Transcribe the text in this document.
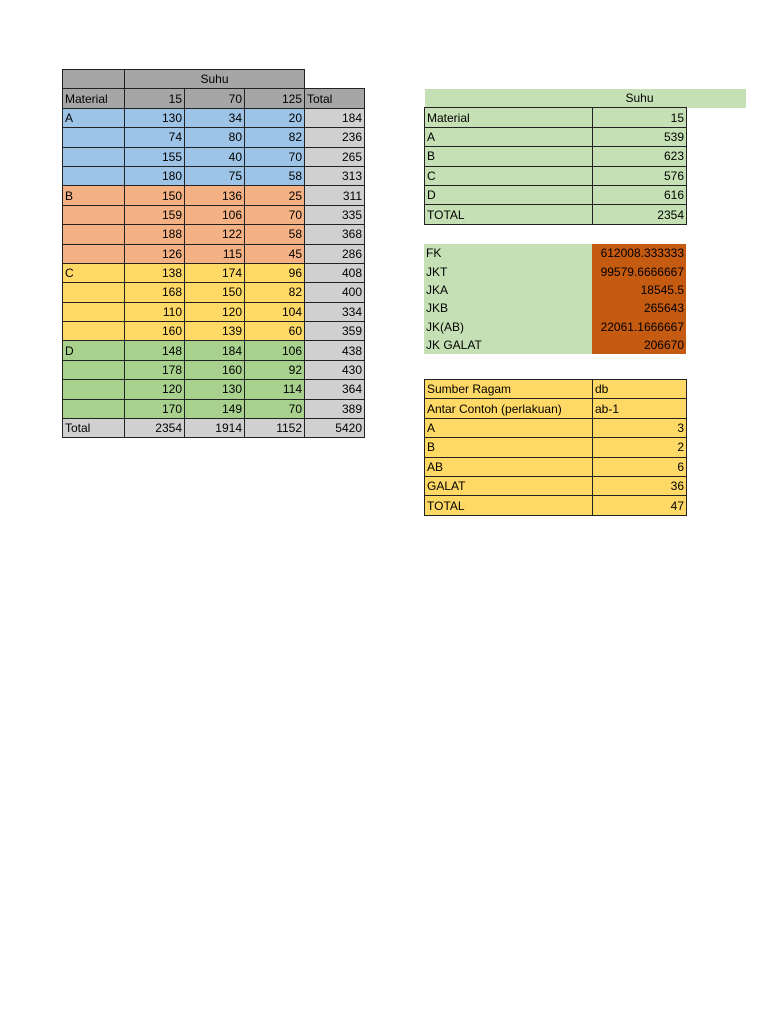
	Suhu			
Material	15	70	125	Total
A	130	34	20	184
	74	80	82	236
	155	40	70	265
	180	75	58	313
B	150	136	25	311
	159	106	70	335
	188	122	58	368
	126	115	45	286
C	138	174	96	408
	168	150	82	400
	110	120	104	334
	160	139	60	359
D	148	184	106	438
	178	160	92	430
	120	130	114	364
	170	149	70	389
Total	2354	1914	1152	5420
	Suhu
Material	15
A	539
B	623
C	576
D	616
TOTAL	2354
FK	612008.333333
JKT	99579.6666667
JKA	18545.5
JKB	265643
JK(AB)	22061.1666667
JK GALAT	206670
Sumber Ragam	db
Antar Contoh (perlakuan)	ab-1
A	3
B	2
AB	6
GALAT	36
TOTAL	47
